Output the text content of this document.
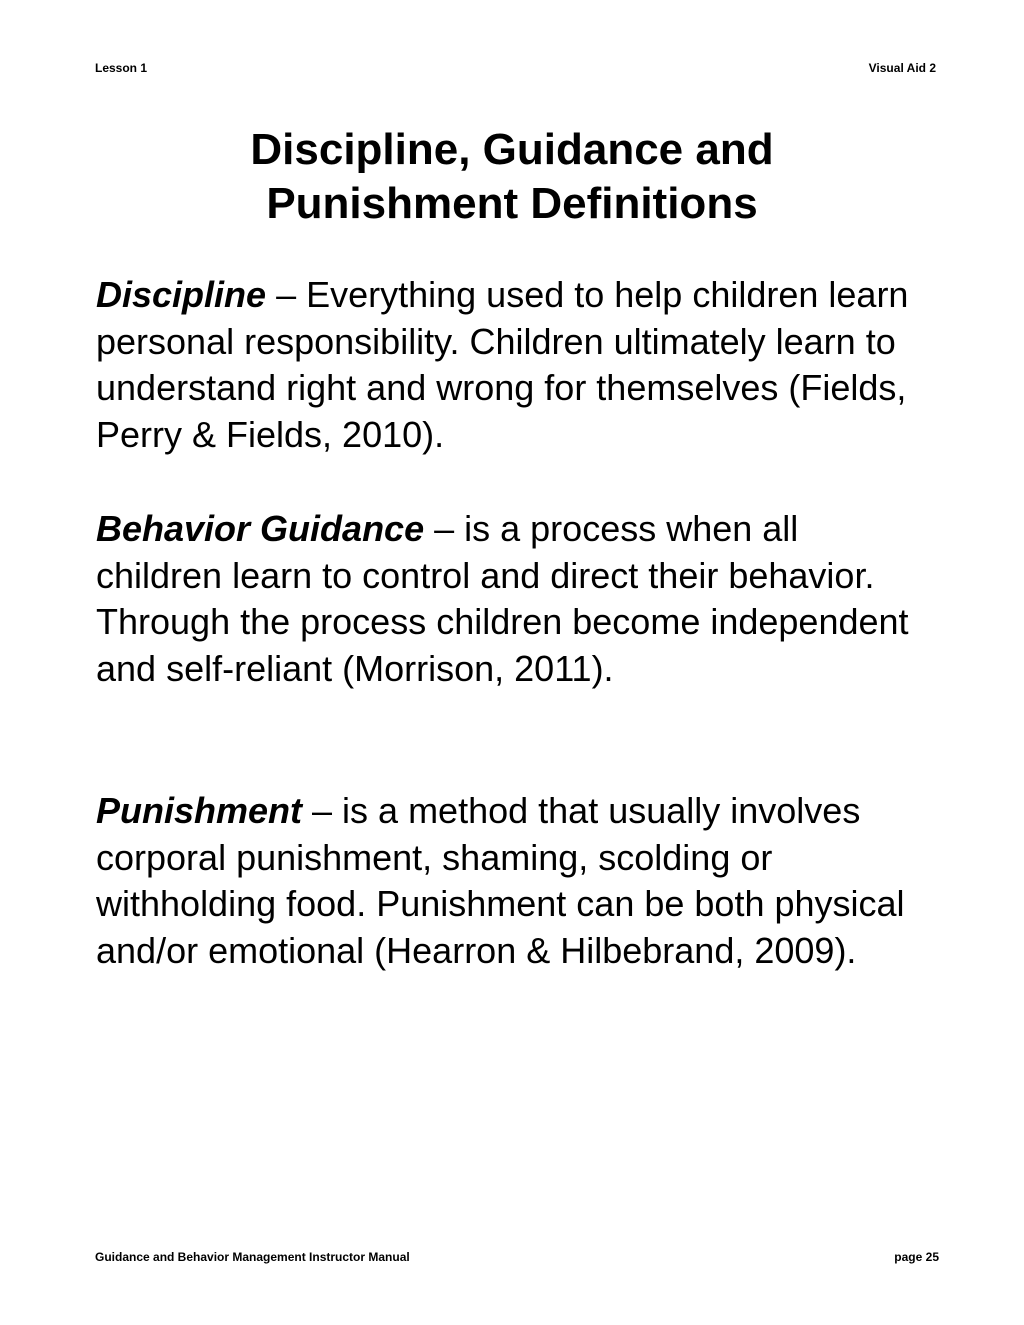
Lesson 1	Visual Aid 2
Discipline, Guidance and
Punishment Definitions

Discipline – Everything used to help children learn personal responsibility. Children ultimately learn to understand right and wrong for themselves (Fields, Perry & Fields, 2010).

Behavior Guidance – is a process when all children learn to control and direct their behavior. Through the process children become independent and self-reliant (Morrison, 2011).

Punishment – is a method that usually involves corporal punishment, shaming, scolding or withholding food. Punishment can be both physical and/or emotional (Hearron & Hilbebrand, 2009).

Guidance and Behavior Management Instructor Manual	page 25
